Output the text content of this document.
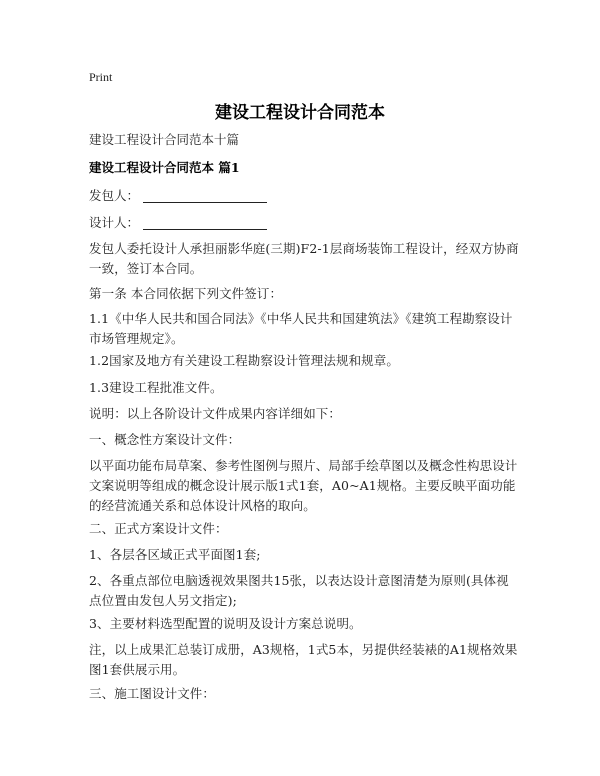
Print
建设工程设计合同范本
建设工程设计合同范本十篇
建设工程设计合同范本 篇1
发包人：
设计人：
发包人委托设计人承担丽影华庭(三期)F2-1层商场装饰工程设计，经双方协商一致，签订本合同。
第一条 本合同依据下列文件签订：
1.1《中华人民共和国合同法》《中华人民共和国建筑法》《建筑工程勘察设计市场管理规定》。
1.2国家及地方有关建设工程勘察设计管理法规和规章。
1.3建设工程批准文件。
说明：以上各阶设计文件成果内容详细如下：
一、概念性方案设计文件：
以平面功能布局草案、参考性图例与照片、局部手绘草图以及概念性构思设计文案说明等组成的概念设计展示版1式1套，A0~A1规格。主要反映平面功能的经营流通关系和总体设计风格的取向。
二、正式方案设计文件：
1、各层各区域正式平面图1套;
2、各重点部位电脑透视效果图共15张，以表达设计意图清楚为原则(具体视点位置由发包人另文指定);
3、主要材料选型配置的说明及设计方案总说明。
注，以上成果汇总装订成册，A3规格，1式5本，另提供经装裱的A1规格效果图1套供展示用。
三、施工图设计文件：
